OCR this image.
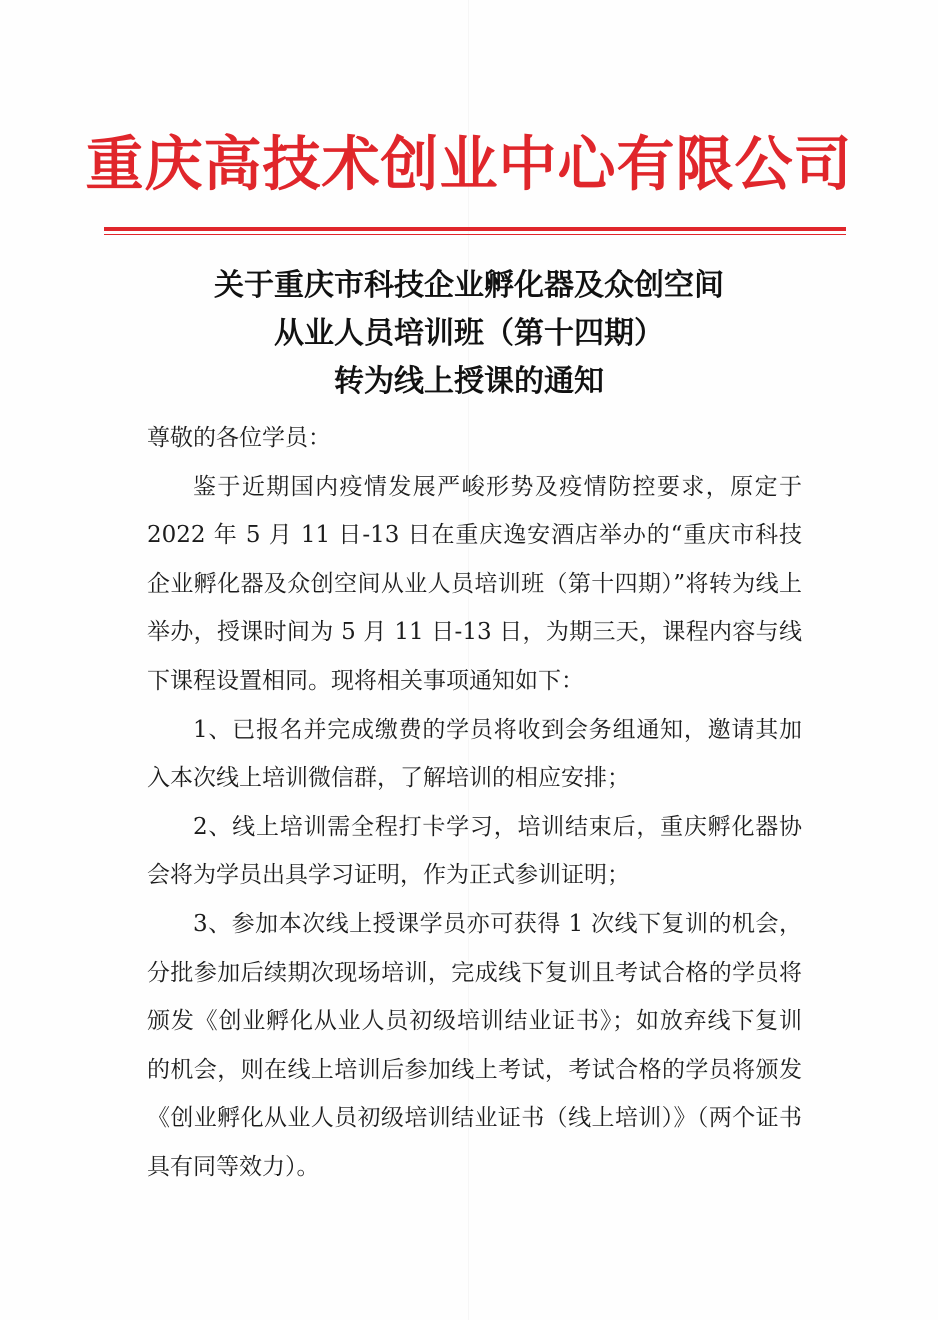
重庆高技术创业中心有限公司
关于重庆市科技企业孵化器及众创空间
从业人员培训班（第十四期）
转为线上授课的通知

尊敬的各位学员：

鉴于近期国内疫情发展严峻形势及疫情防控要求，原定于 2022 年 5 月 11 日-13 日在重庆逸安酒店举办的“重庆市科技企业孵化器及众创空间从业人员培训班（第十四期）”将转为线上举办，授课时间为 5 月 11 日-13 日，为期三天，课程内容与线下课程设置相同。现将相关事项通知如下：

1、已报名并完成缴费的学员将收到会务组通知，邀请其加入本次线上培训微信群，了解培训的相应安排；

2、线上培训需全程打卡学习，培训结束后，重庆孵化器协会将为学员出具学习证明，作为正式参训证明；

3、参加本次线上授课学员亦可获得 1 次线下复训的机会，分批参加后续期次现场培训，完成线下复训且考试合格的学员将颁发《创业孵化从业人员初级培训结业证书》；如放弃线下复训的机会，则在线上培训后参加线上考试，考试合格的学员将颁发《创业孵化从业人员初级培训结业证书（线上培训）》（两个证书具有同等效力）。
